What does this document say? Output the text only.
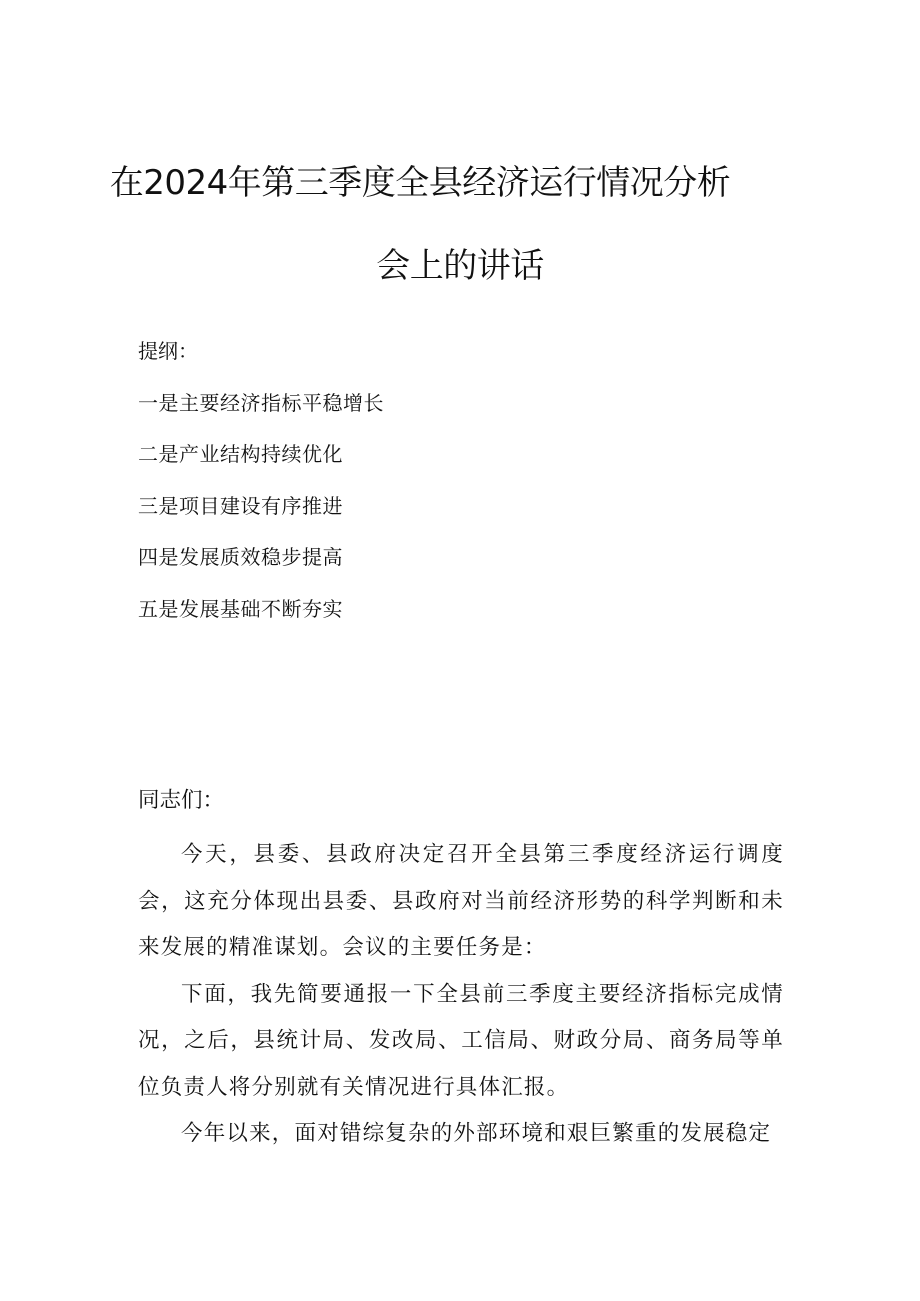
在2024年第三季度全县经济运行情况分析
会上的讲话
提纲：
一是主要经济指标平稳增长
二是产业结构持续优化
三是项目建设有序推进
四是发展质效稳步提高
五是发展基础不断夯实
同志们：

今天，县委、县政府决定召开全县第三季度经济运行调度会，这充分体现出县委、县政府对当前经济形势的科学判断和未来发展的精准谋划。会议的主要任务是：

下面，我先简要通报一下全县前三季度主要经济指标完成情况，之后，县统计局、发改局、工信局、财政分局、商务局等单位负责人将分别就有关情况进行具体汇报。

今年以来，面对错综复杂的外部环境和艰巨繁重的发展稳定
